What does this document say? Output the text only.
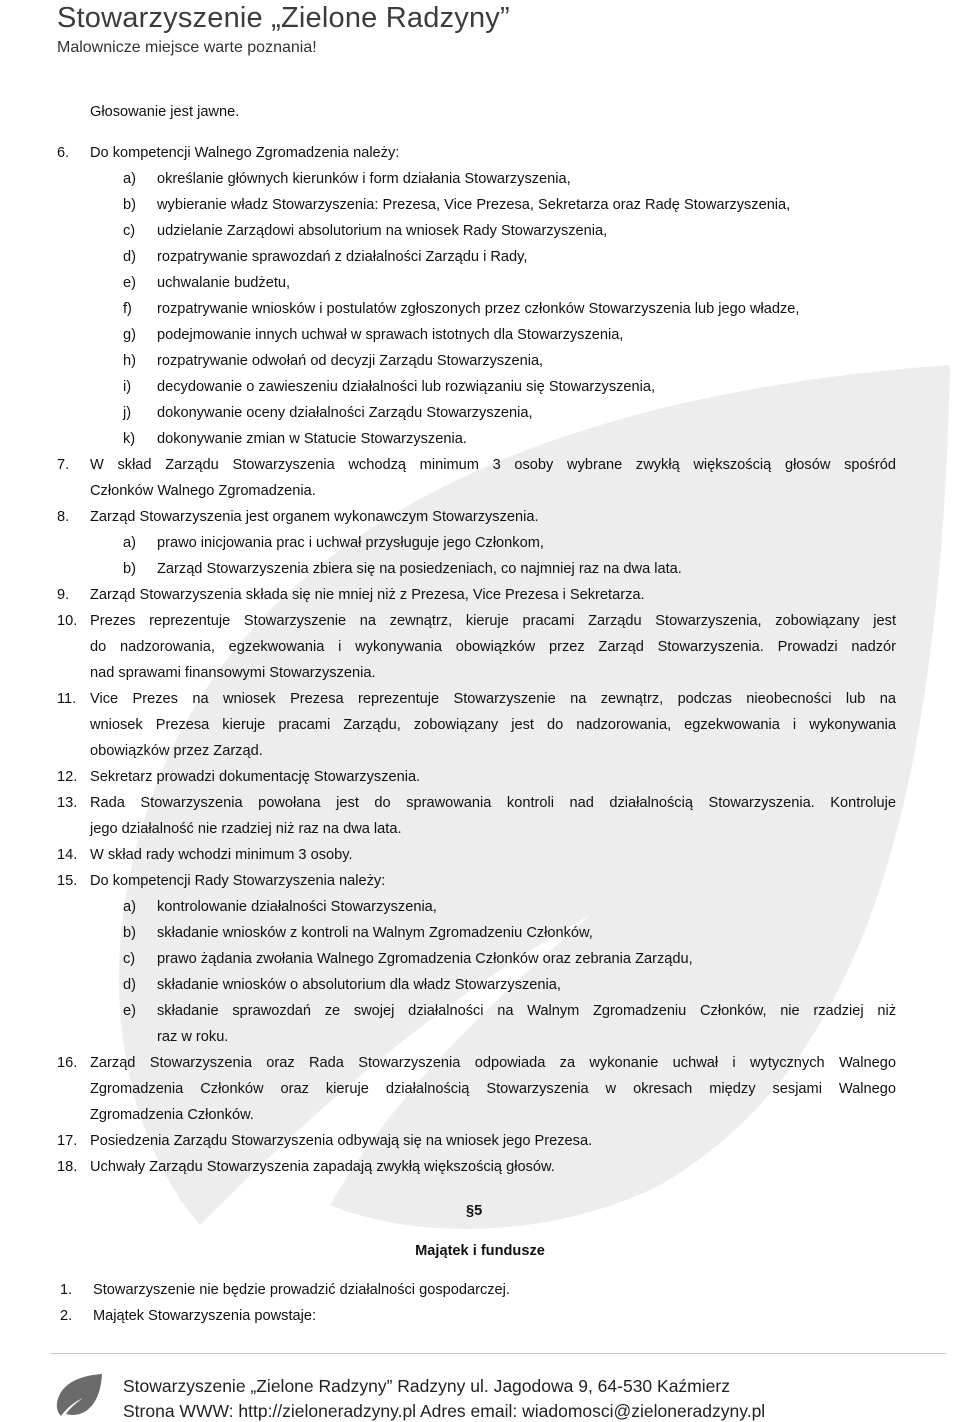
Stowarzyszenie „Zielone Radzyny”
Malownicze miejsce warte poznania!
Głosowanie jest jawne.
6. Do kompetencji Walnego Zgromadzenia należy:
a) określanie głównych kierunków i form działania Stowarzyszenia,
b) wybieranie władz Stowarzyszenia: Prezesa, Vice Prezesa, Sekretarza oraz Radę Stowarzyszenia,
c) udzielanie Zarządowi absolutorium na wniosek Rady Stowarzyszenia,
d) rozpatrywanie sprawozdań z działalności Zarządu i Rady,
e) uchwalanie budżetu,
f) rozpatrywanie wniosków i postulatów zgłoszonych przez członków Stowarzyszenia lub jego władze,
g) podejmowanie innych uchwał w sprawach istotnych dla Stowarzyszenia,
h) rozpatrywanie odwołań od decyzji Zarządu Stowarzyszenia,
i) decydowanie o zawieszeniu działalności lub rozwiązaniu się Stowarzyszenia,
j) dokonywanie oceny działalności Zarządu Stowarzyszenia,
k) dokonywanie zmian w Statucie Stowarzyszenia.
7. W skład Zarządu Stowarzyszenia wchodzą minimum 3 osoby wybrane zwykłą większością głosów spośród
Członków Walnego Zgromadzenia.
8. Zarząd Stowarzyszenia jest organem wykonawczym Stowarzyszenia.
a) prawo inicjowania prac i uchwał przysługuje jego Członkom,
b) Zarząd Stowarzyszenia zbiera się na posiedzeniach, co najmniej raz na dwa lata.
9. Zarząd Stowarzyszenia składa się nie mniej niż z Prezesa, Vice Prezesa i Sekretarza.
10. Prezes reprezentuje Stowarzyszenie na zewnątrz, kieruje pracami Zarządu Stowarzyszenia, zobowiązany jest
do nadzorowania, egzekwowania i wykonywania obowiązków przez Zarząd Stowarzyszenia. Prowadzi nadzór
nad sprawami finansowymi Stowarzyszenia.
11. Vice Prezes na wniosek Prezesa reprezentuje Stowarzyszenie na zewnątrz, podczas nieobecności lub na
wniosek Prezesa kieruje pracami Zarządu, zobowiązany jest do nadzorowania, egzekwowania i wykonywania
obowiązków przez Zarząd.
12. Sekretarz prowadzi dokumentację Stowarzyszenia.
13. Rada Stowarzyszenia powołana jest do sprawowania kontroli nad działalnością Stowarzyszenia. Kontroluje
jego działalność nie rzadziej niż raz na dwa lata.
14. W skład rady wchodzi minimum 3 osoby.
15. Do kompetencji Rady Stowarzyszenia należy:
a) kontrolowanie działalności Stowarzyszenia,
b) składanie wniosków z kontroli na Walnym Zgromadzeniu Członków,
c) prawo żądania zwołania Walnego Zgromadzenia Członków oraz zebrania Zarządu,
d) składanie wniosków o absolutorium dla władz Stowarzyszenia,
e) składanie sprawozdań ze swojej działalności na Walnym Zgromadzeniu Członków, nie rzadziej niż
raz w roku.
16. Zarząd Stowarzyszenia oraz Rada Stowarzyszenia odpowiada za wykonanie uchwał i wytycznych Walnego
Zgromadzenia Członków oraz kieruje działalnością Stowarzyszenia w okresach między sesjami Walnego
Zgromadzenia Członków.
17. Posiedzenia Zarządu Stowarzyszenia odbywają się na wniosek jego Prezesa.
18. Uchwały Zarządu Stowarzyszenia zapadają zwykłą większością głosów.
§5
Majątek i fundusze
1. Stowarzyszenie nie będzie prowadzić działalności gospodarczej.
2. Majątek Stowarzyszenia powstaje:
Stowarzyszenie „Zielone Radzyny” Radzyny ul. Jagodowa 9, 64-530 Kaźmierz
Strona WWW: http://zieloneradzyny.pl Adres email: wiadomosci@zieloneradzyny.pl
